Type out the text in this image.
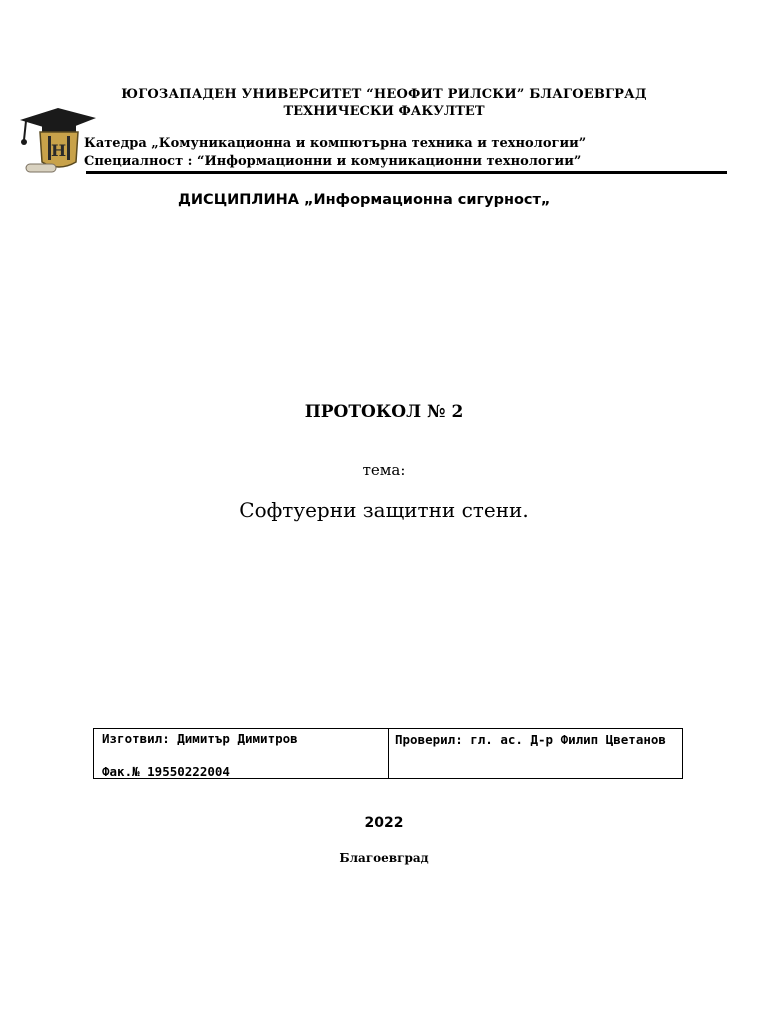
Н
ЮГОЗАПАДЕН УНИВЕРСИТЕТ “НЕОФИТ РИЛСКИ” БЛАГОЕВГРАД
ТЕХНИЧЕСКИ ФАКУЛТЕТ
Катедра „Комуникационна и компютърна техника и технологии”
Специалност : “Информационни и комуникационни технологии”
ДИСЦИПЛИНА „Информационна сигурност„
ПРОТОКОЛ № 2
тема:
Софтуерни защитни стени.
Изготвил: Димитър Димитров
Фак.№ 19550222004
Проверил: гл. ас. Д-р Филип Цветанов
2022
Благоевград
